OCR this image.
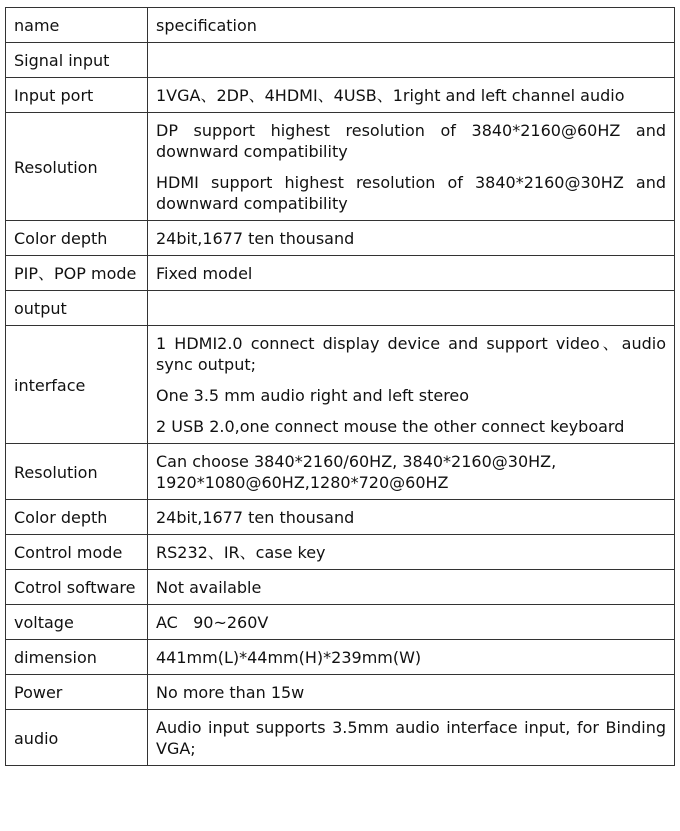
name	specification
Signal input	
Input port	1VGA、2DP、4HDMI、4USB、1right and left channel audio

Resolution	DP support highest resolution of 3840*2160@60HZ and downward compatibility
HDMI support highest resolution of 3840*2160@30HZ and downward compatibility

Color depth	24bit,1677 ten thousand

PIP、POP mode	Fixed model

output	
interface	1 HDMI2.0 connect display device and support video、audio sync output;
One 3.5 mm audio right and left stereo
2 USB 2.0,one connect mouse the other connect keyboard

Resolution	Can choose 3840*2160/60HZ, 3840*2160@30HZ, 1920*1080@60HZ,1280*720@60HZ

Color depth	24bit,1677 ten thousand

Control mode	RS232、IR、case key

Cotrol software	Not available

voltage	AC   90~260V

dimension	441mm(L)*44mm(H)*239mm(W)

Power	No more than 15w

audio	Audio input supports 3.5mm audio interface input, for Binding VGA;
